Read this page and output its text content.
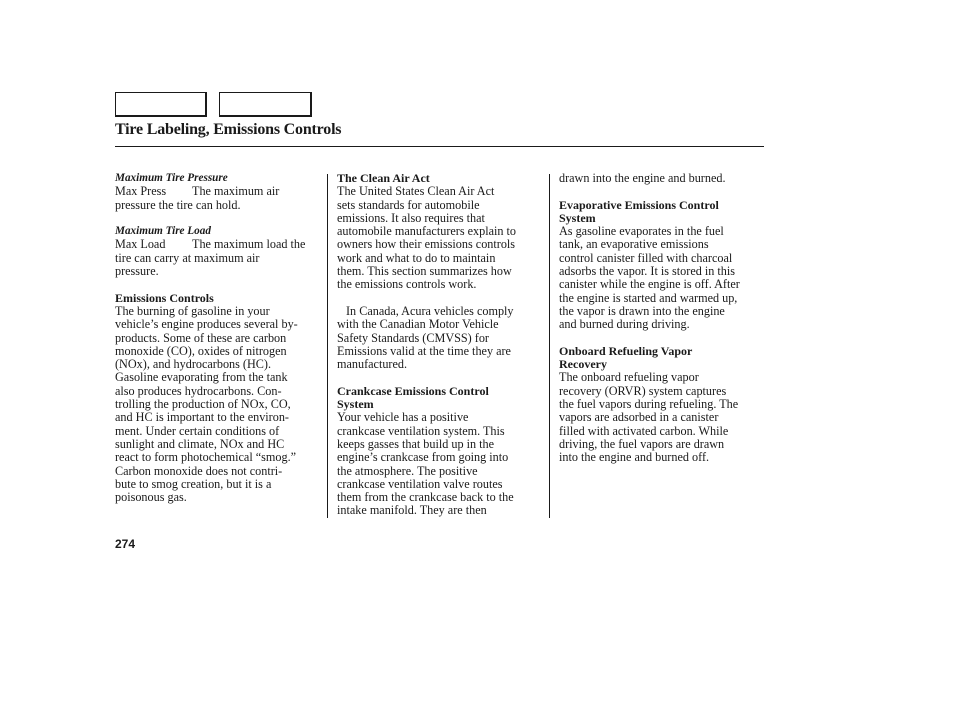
Tire Labeling, Emissions Controls
Maximum Tire Pressure
Max Press The maximum air
pressure the tire can hold.
Maximum Tire Load
Max Load The maximum load the
tire can carry at maximum air
pressure.
Emissions Controls
The burning of gasoline in your
vehicle’s engine produces several by-
products. Some of these are carbon
monoxide (CO), oxides of nitrogen
(NOx), and hydrocarbons (HC).
Gasoline evaporating from the tank
also produces hydrocarbons. Con-
trolling the production of NOx, CO,
and HC is important to the environ-
ment. Under certain conditions of
sunlight and climate, NOx and HC
react to form photochemical “smog.”
Carbon monoxide does not contri-
bute to smog creation, but it is a
poisonous gas.
The Clean Air Act
The United States Clean Air Act
sets standards for automobile
emissions. It also requires that
automobile manufacturers explain to
owners how their emissions controls
work and what to do to maintain
them. This section summarizes how
the emissions controls work.
In Canada, Acura vehicles comply
with the Canadian Motor Vehicle
Safety Standards (CMVSS) for
Emissions valid at the time they are
manufactured.
Crankcase Emissions Control
System
Your vehicle has a positive
crankcase ventilation system. This
keeps gasses that build up in the
engine’s crankcase from going into
the atmosphere. The positive
crankcase ventilation valve routes
them from the crankcase back to the
intake manifold. They are then
drawn into the engine and burned.
Evaporative Emissions Control
System
As gasoline evaporates in the fuel
tank, an evaporative emissions
control canister filled with charcoal
adsorbs the vapor. It is stored in this
canister while the engine is off. After
the engine is started and warmed up,
the vapor is drawn into the engine
and burned during driving.
Onboard Refueling Vapor
Recovery
The onboard refueling vapor
recovery (ORVR) system captures
the fuel vapors during refueling. The
vapors are adsorbed in a canister
filled with activated carbon. While
driving, the fuel vapors are drawn
into the engine and burned off.
274
